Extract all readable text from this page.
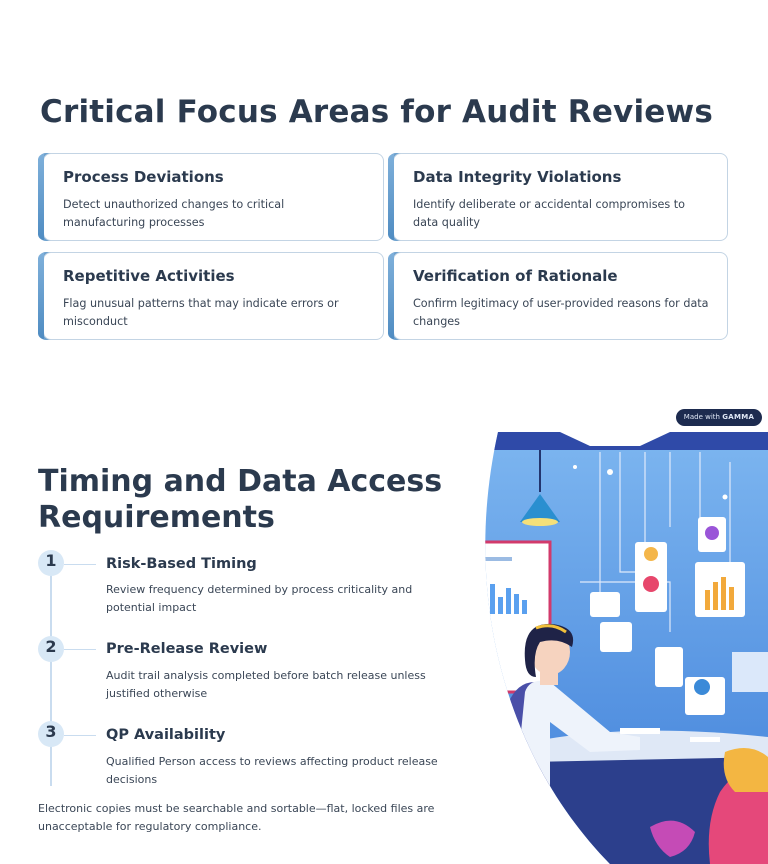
Critical Focus Areas for Audit Reviews
Process Deviations
Detect unauthorized changes to critical manufacturing processes
Data Integrity Violations
Identify deliberate or accidental compromises to data quality
Repetitive Activities
Flag unusual patterns that may indicate errors or misconduct
Verification of Rationale
Confirm legitimacy of user-provided reasons for data changes
Made with GAMMA
Timing and Data Access Requirements
1	Risk-Based Timing
Review frequency determined by process criticality and potential impact
2	Pre-Release Review
Audit trail analysis completed before batch release unless justified otherwise
3	QP Availability
Qualified Person access to reviews affecting product release decisions

Electronic copies must be searchable and sortable—flat, locked files are unacceptable for regulatory compliance.
